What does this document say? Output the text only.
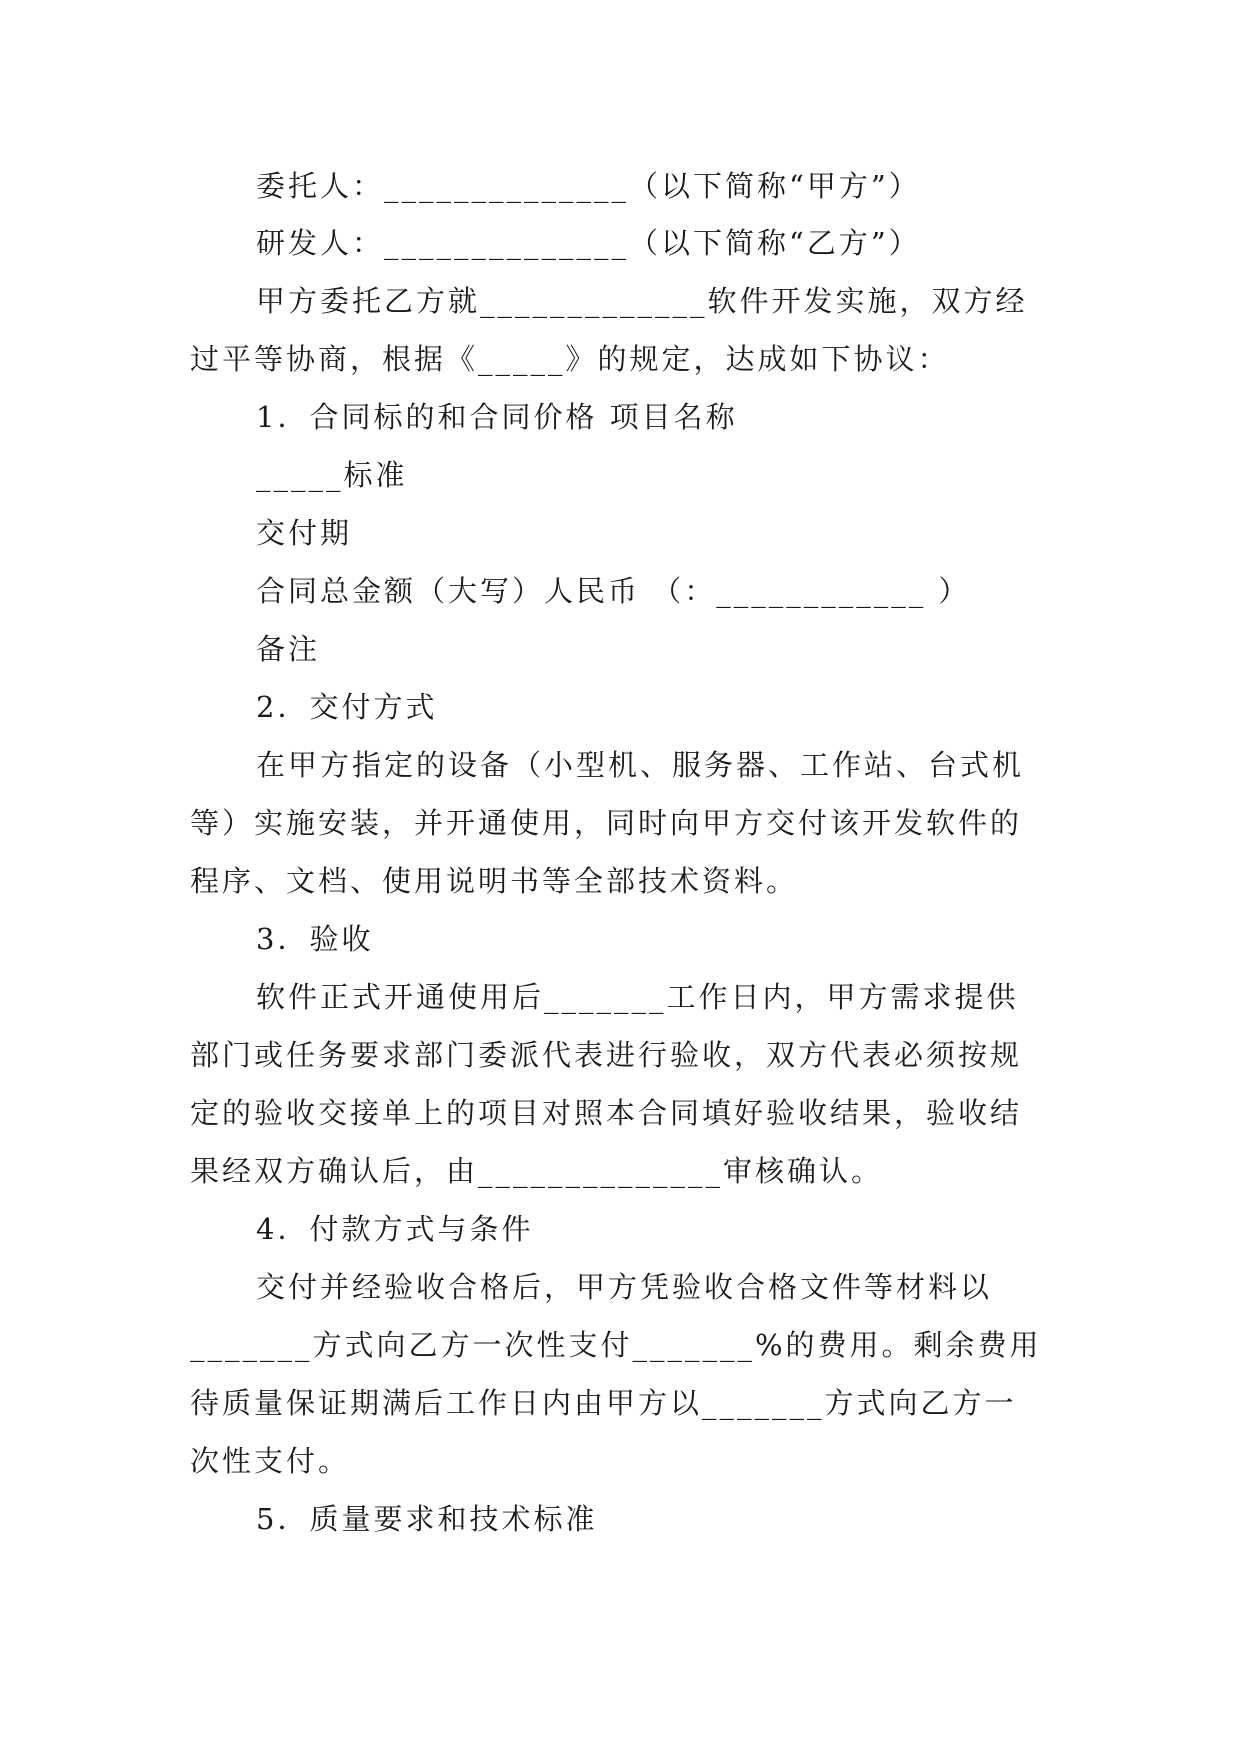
委托人：______________（以下简称“甲方”）

研发人：______________（以下简称“乙方”）

甲方委托乙方就_____________软件开发实施，双方经

过平等协商，根据《_____》的规定，达成如下协议：

1．合同标的和合同价格 项目名称

_____标准

交付期

合同总金额（大写）人民币 （：____________ ）

备注

2．交付方式

在甲方指定的设备（小型机、服务器、工作站、台式机

等）实施安装，并开通使用，同时向甲方交付该开发软件的

程序、文档、使用说明书等全部技术资料。

3．验收

软件正式开通使用后_______工作日内，甲方需求提供

部门或任务要求部门委派代表进行验收，双方代表必须按规

定的验收交接单上的项目对照本合同填好验收结果，验收结

果经双方确认后，由______________审核确认。

4．付款方式与条件

交付并经验收合格后，甲方凭验收合格文件等材料以

_______方式向乙方一次性支付_______%的费用。剩余费用

待质量保证期满后工作日内由甲方以_______方式向乙方一

次性支付。

5．质量要求和技术标准
